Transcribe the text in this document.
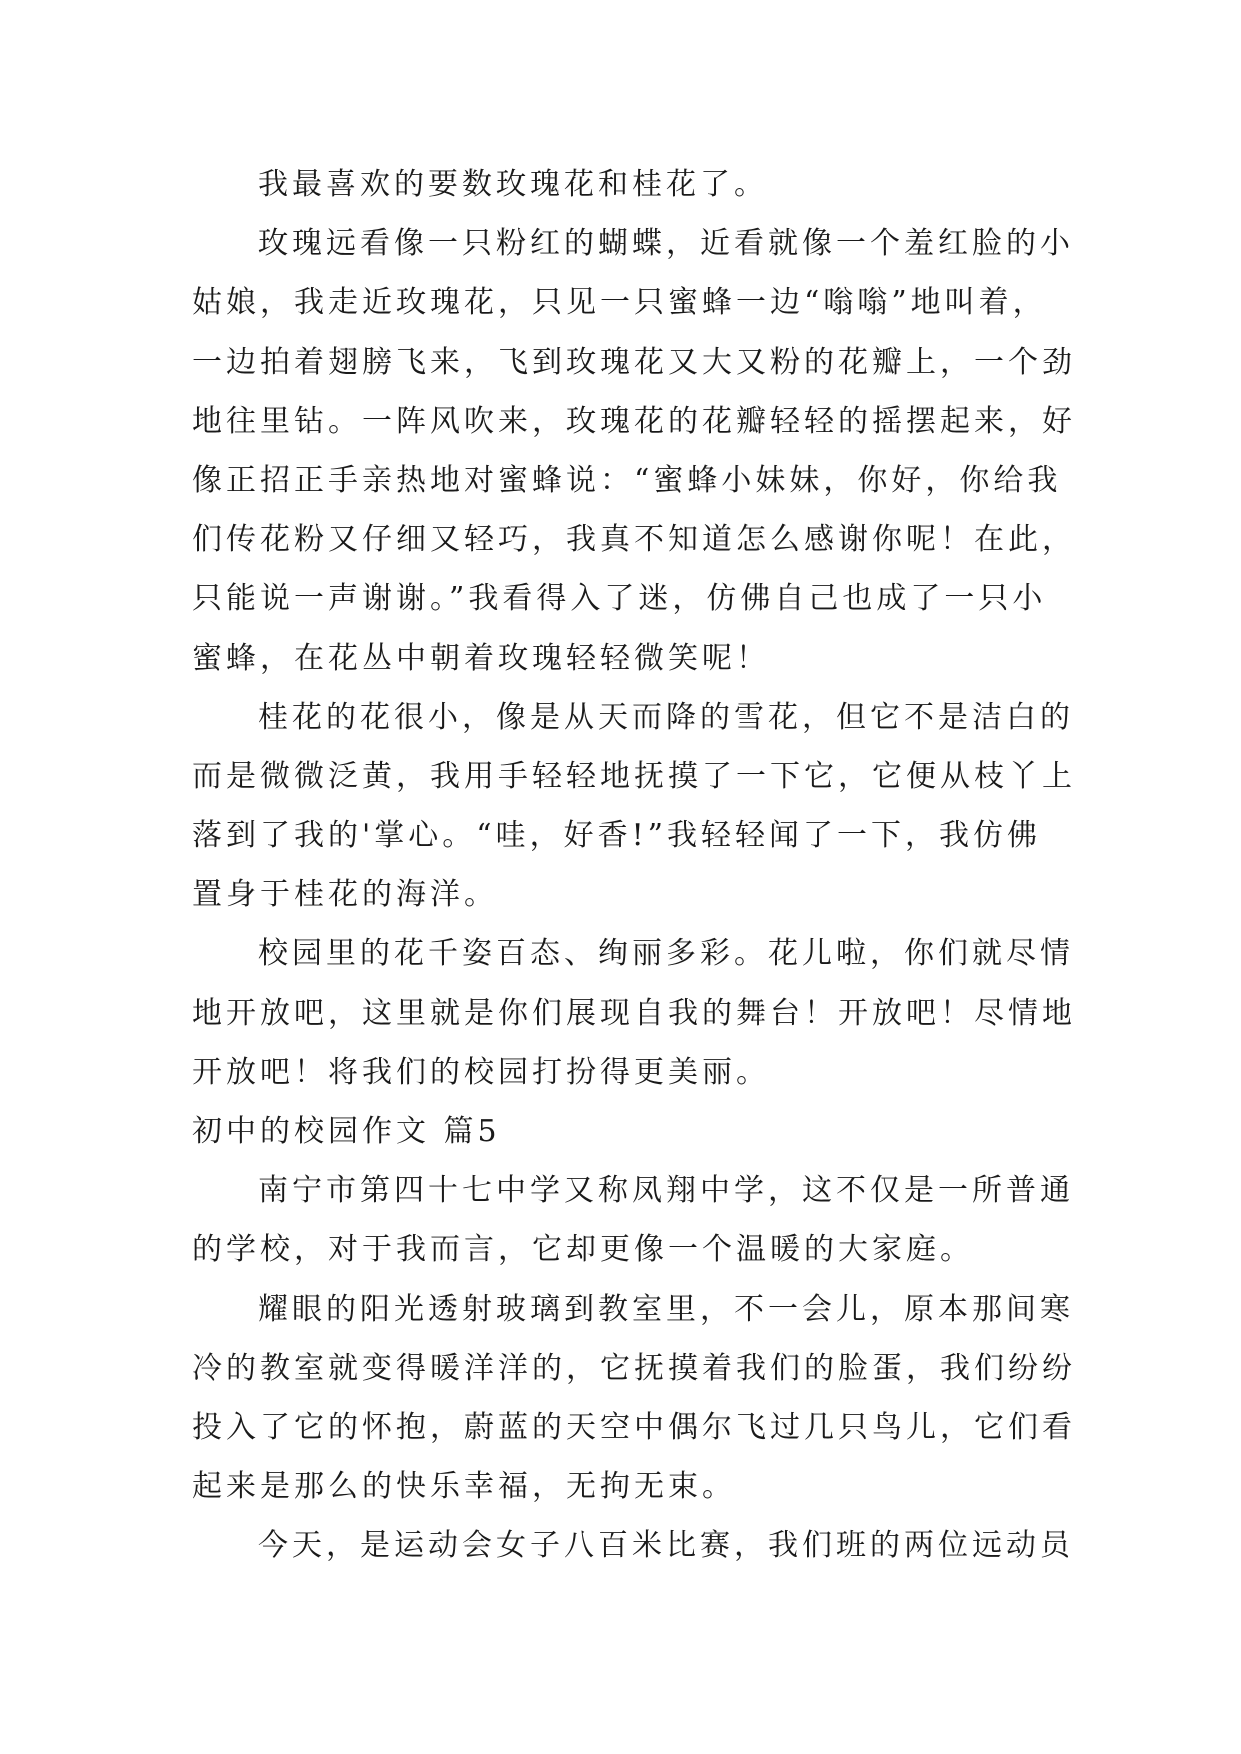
我最喜欢的要数玫瑰花和桂花了。
玫瑰远看像一只粉红的蝴蝶，近看就像一个羞红脸的小
姑娘，我走近玫瑰花，只见一只蜜蜂一边“嗡嗡”地叫着，
一边拍着翅膀飞来，飞到玫瑰花又大又粉的花瓣上，一个劲
地往里钻。一阵风吹来，玫瑰花的花瓣轻轻的摇摆起来，好
像正招正手亲热地对蜜蜂说：“蜜蜂小妹妹，你好，你给我
们传花粉又仔细又轻巧，我真不知道怎么感谢你呢！在此，
只能说一声谢谢。”我看得入了迷，仿佛自己也成了一只小
蜜蜂，在花丛中朝着玫瑰轻轻微笑呢！
桂花的花很小，像是从天而降的雪花，但它不是洁白的
而是微微泛黄，我用手轻轻地抚摸了一下它，它便从枝丫上
落到了我的'掌心。“哇，好香!”我轻轻闻了一下，我仿佛
置身于桂花的海洋。
校园里的花千姿百态、绚丽多彩。花儿啦，你们就尽情
地开放吧，这里就是你们展现自我的舞台！开放吧！尽情地
开放吧！将我们的校园打扮得更美丽。
初中的校园作文 篇5
南宁市第四十七中学又称凤翔中学，这不仅是一所普通
的学校，对于我而言，它却更像一个温暖的大家庭。
耀眼的阳光透射玻璃到教室里，不一会儿，原本那间寒
冷的教室就变得暖洋洋的，它抚摸着我们的脸蛋，我们纷纷
投入了它的怀抱，蔚蓝的天空中偶尔飞过几只鸟儿，它们看
起来是那么的快乐幸福，无拘无束。
今天，是运动会女子八百米比赛，我们班的两位远动员
